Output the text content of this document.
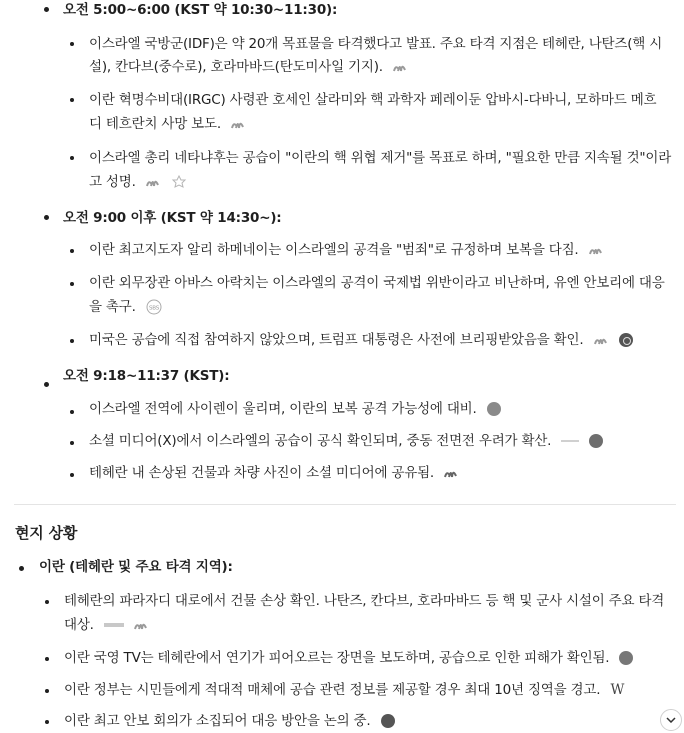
오전 5:00~6:00 (KST 약 10:30~11:30):
이스라엘 국방군(IDF)은 약 20개 목표물을 타격했다고 발표. 주요 타격 지점은 테헤란, 나탄즈(핵 시
설), 칸다브(중수로), 호라마바드(탄도미사일 기지).
이란 혁명수비대(IRGC) 사령관 호세인 살라미와 핵 과학자 페레이둔 압바시-다바니, 모하마드 메흐
디 테흐란치 사망 보도.
이스라엘 총리 네타냐후는 공습이 "이란의 핵 위협 제거"를 목표로 하며, "필요한 만큼 지속될 것"이라
고 성명.
오전 9:00 이후 (KST 약 14:30~):
이란 최고지도자 알리 하메네이는 이스라엘의 공격을 "범죄"로 규정하며 보복을 다짐.
이란 외무장관 아바스 아락치는 이스라엘의 공격이 국제법 위반이라고 비난하며, 유엔 안보리에 대응
을 촉구. SBS
미국은 공습에 직접 참여하지 않았으며, 트럼프 대통령은 사전에 브리핑받았음을 확인.
오전 9:18~11:37 (KST):
이스라엘 전역에 사이렌이 울리며, 이란의 보복 공격 가능성에 대비.
소셜 미디어(X)에서 이스라엘의 공습이 공식 확인되며, 중동 전면전 우려가 확산.
테헤란 내 손상된 건물과 차량 사진이 소셜 미디어에 공유됨.
현지 상황
이란 (테헤란 및 주요 타격 지역):
테헤란의 파라자디 대로에서 건물 손상 확인. 나탄즈, 칸다브, 호라마바드 등 핵 및 군사 시설이 주요 타격
대상.
이란 국영 TV는 테헤란에서 연기가 피어오르는 장면을 보도하며, 공습으로 인한 피해가 확인됨.
이란 정부는 시민들에게 적대적 매체에 공습 관련 정보를 제공할 경우 최대 10년 징역을 경고. W
이란 최고 안보 회의가 소집되어 대응 방안을 논의 중.
